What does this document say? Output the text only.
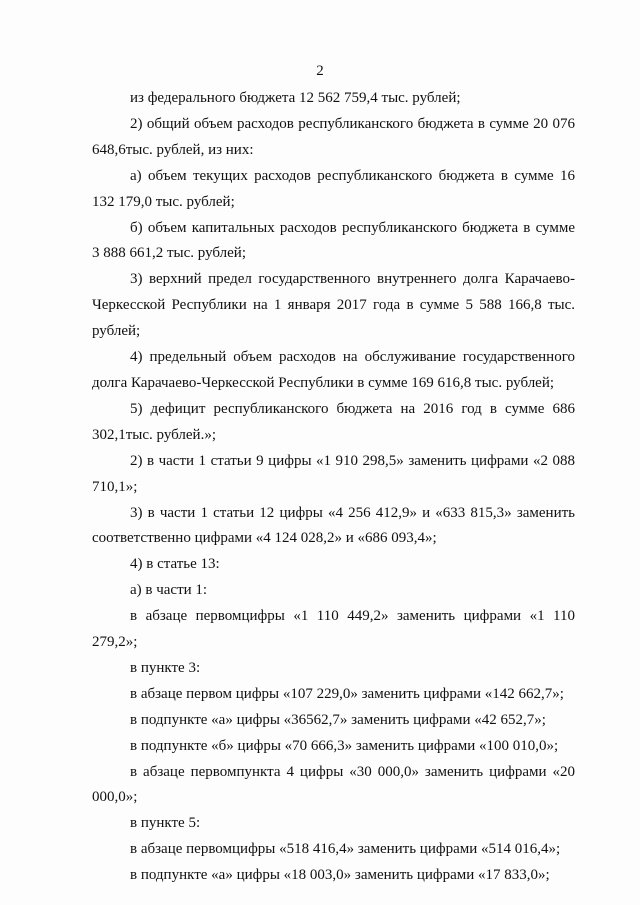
2

из федерального бюджета 12 562 759,4 тыс. рублей;

2) общий объем расходов республиканского бюджета в сумме 20 076 648,6тыс. рублей, из них:

а) объем текущих расходов республиканского бюджета в сумме 16 132 179,0 тыс. рублей;

б) объем капитальных расходов республиканского бюджета в сумме 3 888 661,2 тыс. рублей;

3) верхний предел государственного внутреннего долга Карачаево-Черкесской Республики на 1 января 2017 года в сумме 5 588 166,8 тыс. рублей;

4) предельный объем расходов на обслуживание государственного долга Карачаево-Черкесской Республики в сумме 169 616,8 тыс. рублей;

5) дефицит республиканского бюджета на 2016 год в сумме 686 302,1тыс. рублей.»;

2) в части 1 статьи 9 цифры «1 910 298,5» заменить цифрами «2 088 710,1»;

3) в части 1 статьи 12 цифры «4 256 412,9» и «633 815,3» заменить соответственно цифрами «4 124 028,2» и «686 093,4»;

4) в статье 13:

а) в части 1:

в абзаце первомцифры «1 110 449,2» заменить цифрами «1 110 279,2»;

в пункте 3:

в абзаце первом цифры «107 229,0» заменить цифрами «142 662,7»;

в подпункте «а» цифры «36562,7» заменить цифрами «42 652,7»;

в подпункте «б» цифры «70 666,3» заменить цифрами «100 010,0»;

в абзаце первомпункта 4 цифры «30 000,0» заменить цифрами «20 000,0»;

в пункте 5:

в абзаце первомцифры «518 416,4» заменить цифрами «514 016,4»;

в подпункте «а» цифры «18 003,0» заменить цифрами «17 833,0»;
